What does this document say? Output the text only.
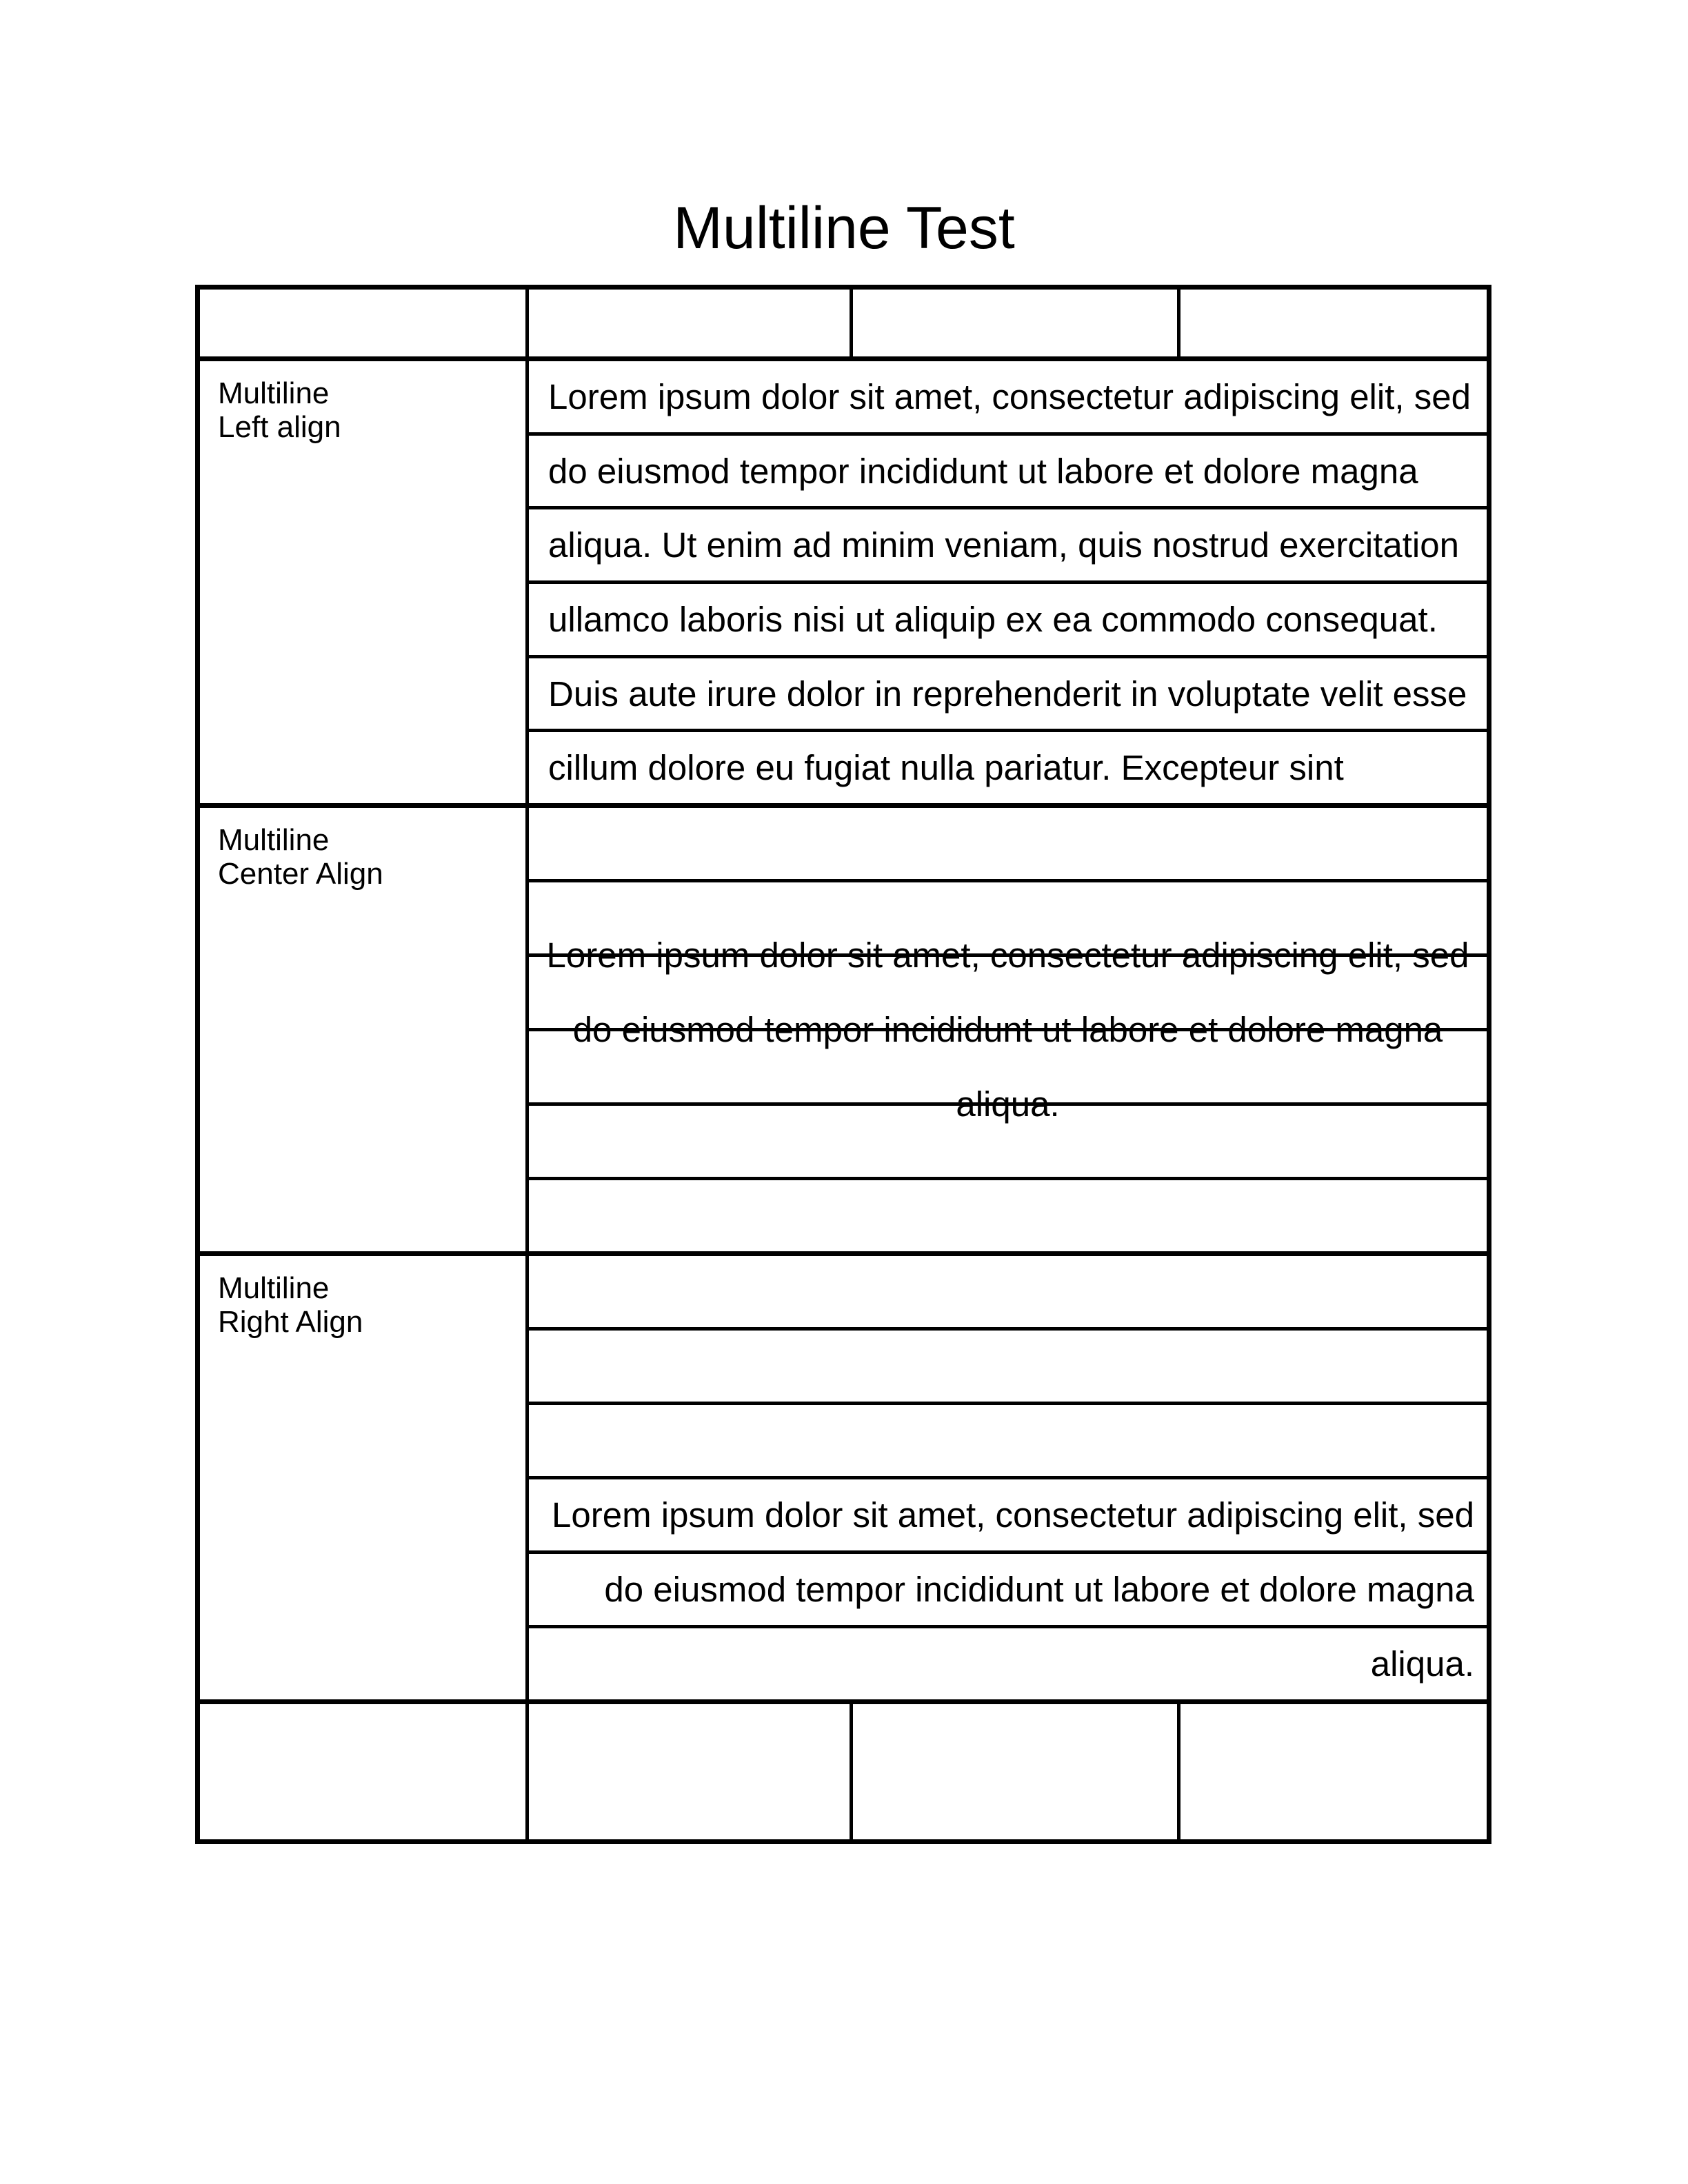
Multiline Test
Multiline
Left align
Lorem ipsum dolor sit amet, consectetur adipiscing elit, sed
do eiusmod tempor incididunt ut labore et dolore magna
aliqua. Ut enim ad minim veniam, quis nostrud exercitation
ullamco laboris nisi ut aliquip ex ea commodo consequat.
Duis aute irure dolor in reprehenderit in voluptate velit esse
cillum dolore eu fugiat nulla pariatur. Excepteur sint
Multiline
Center Align
Lorem ipsum dolor sit amet, consectetur adipiscing elit, sed
do eiusmod tempor incididunt ut labore et dolore magna
aliqua.
Multiline
Right Align
Lorem ipsum dolor sit amet, consectetur adipiscing elit, sed
do eiusmod tempor incididunt ut labore et dolore magna
aliqua.
